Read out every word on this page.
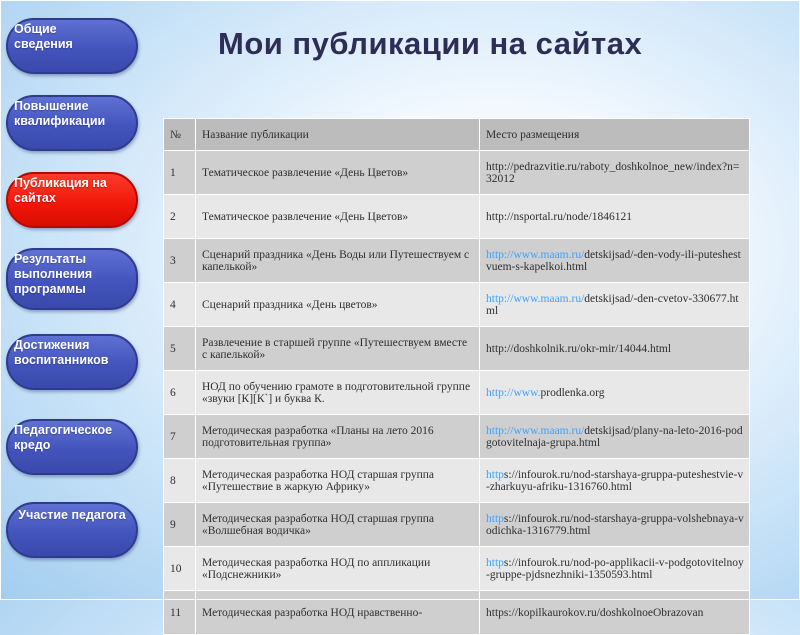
Общие
сведения
Повышение
квалификации
Публикация на
сайтах
Результаты
выполнения
программы
Достижения
воспитанников
Педагогическое
кредо
Участие педагога
Мои публикации на сайтах
№	Название публикации	Место размещения
1	Тематическое развлечение «День Цветов»	http://pedrazvitie.ru/raboty_doshkolnoe_new/index?n=32012
2	Тематическое развлечение «День Цветов»	http://nsportal.ru/node/1846121
3	Сценарий праздника «День Воды или Путешествуем с капелькой»	http://www.maam.ru/detskijsad/-den-vody-ili-puteshestvuem-s-kapelkoi.html
4	Сценарий праздника «День цветов»	http://www.maam.ru/detskijsad/-den-cvetov-330677.html
5	Развлечение в старшей группе «Путешествуем вместе с капелькой»	http://doshkolnik.ru/okr-mir/14044.html
6	НОД по обучению грамоте в подготовительной группе «звуки [К][К`] и буква К.	http://www.prodlenka.org
7	Методическая разработка «Планы на лето 2016 подготовительная группа»	http://www.maam.ru/detskijsad/plany-na-leto-2016-podgotovitelnaja-grupa.html
8	Методическая разработка НОД старшая группа «Путешествие в жаркую Африку»	https://infourok.ru/nod-starshaya-gruppa-puteshestvie-v-zharkuyu-afriku-1316760.html
9	Методическая разработка НОД старшая группа «Волшебная водичка»	https://infourok.ru/nod-starshaya-gruppa-volshebnaya-vodichka-1316779.html
10	Методическая разработка НОД по аппликации «Подснежники»	https://infourok.ru/nod-po-applikacii-v-podgotovitelnoy-gruppe-pjdsnezhniki-1350593.html
11	Методическая разработка НОД нравственно-	https://kopilkaurokov.ru/doshkolnoeObrazovan
